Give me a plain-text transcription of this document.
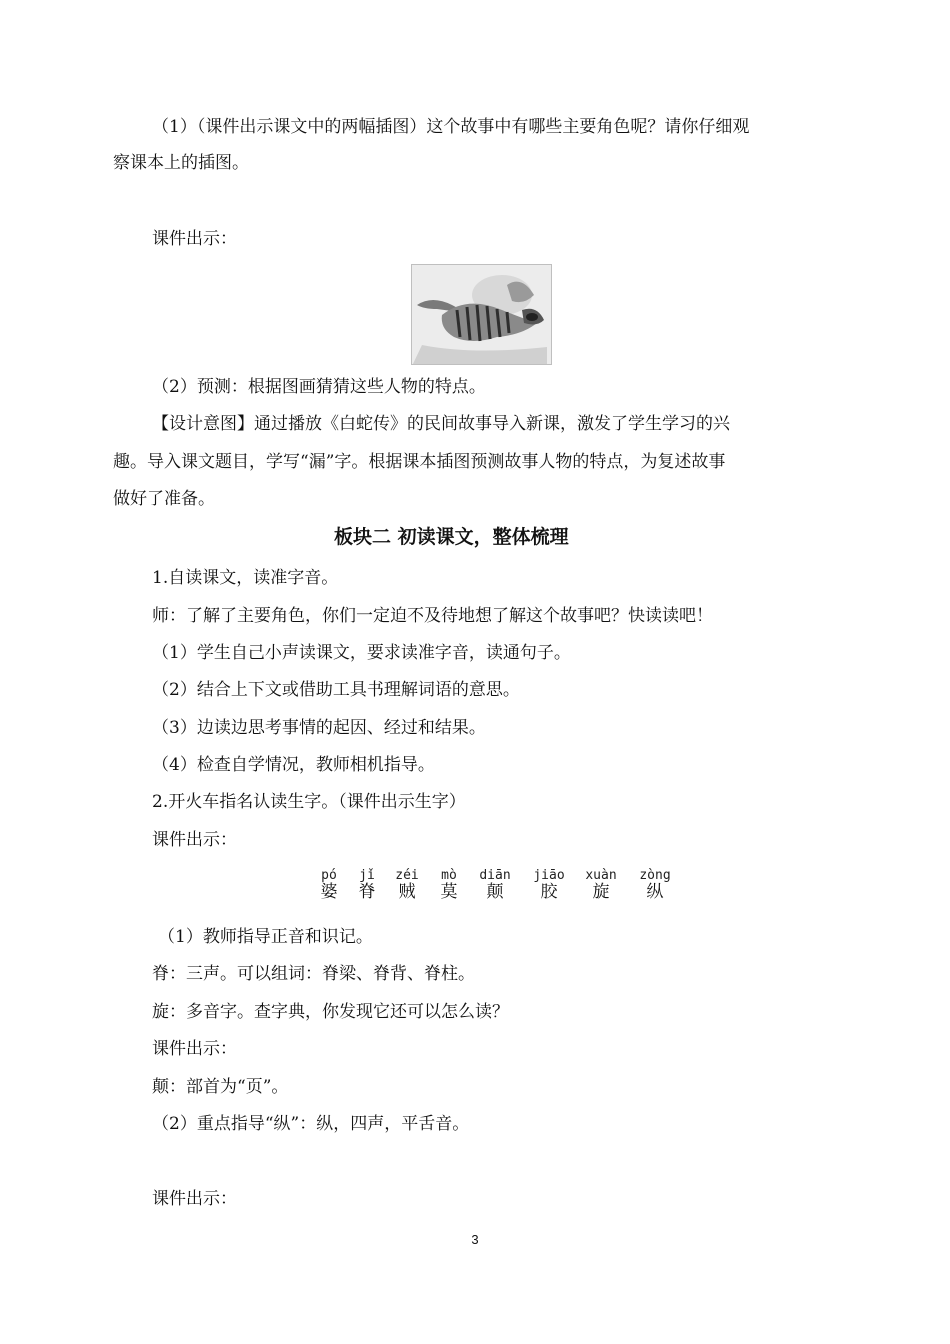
（1）（课件出示课文中的两幅插图）这个故事中有哪些主要角色呢？请你仔细观
察课本上的插图。
课件出示：
（2）预测：根据图画猜猜这些人物的特点。
【设计意图】通过播放《白蛇传》的民间故事导入新课，激发了学生学习的兴
趣。导入课文题目，学写“漏”字。根据课本插图预测故事人物的特点，为复述故事
做好了准备。
板块二 初读课文，整体梳理
1.自读课文，读准字音。
师：了解了主要角色，你们一定迫不及待地想了解这个故事吧？快读读吧！
（1）学生自己小声读课文，要求读准字音，读通句子。
（2）结合上下文或借助工具书理解词语的意思。
（3）边读边思考事情的起因、经过和结果。
（4）检查自学情况，教师相机指导。
2.开火车指名认读生字。（课件出示生字）
课件出示：
pó
婆
jǐ
脊
zéi
贼
mò
莫
diān
颠
jiāo
胶
xuàn
旋
zòng
纵
（1）教师指导正音和识记。
脊：三声。可以组词：脊梁、脊背、脊柱。
旋：多音字。查字典，你发现它还可以怎么读？
课件出示：
颠：部首为“页”。
（2）重点指导“纵”：纵，四声，平舌音。
课件出示：
3
